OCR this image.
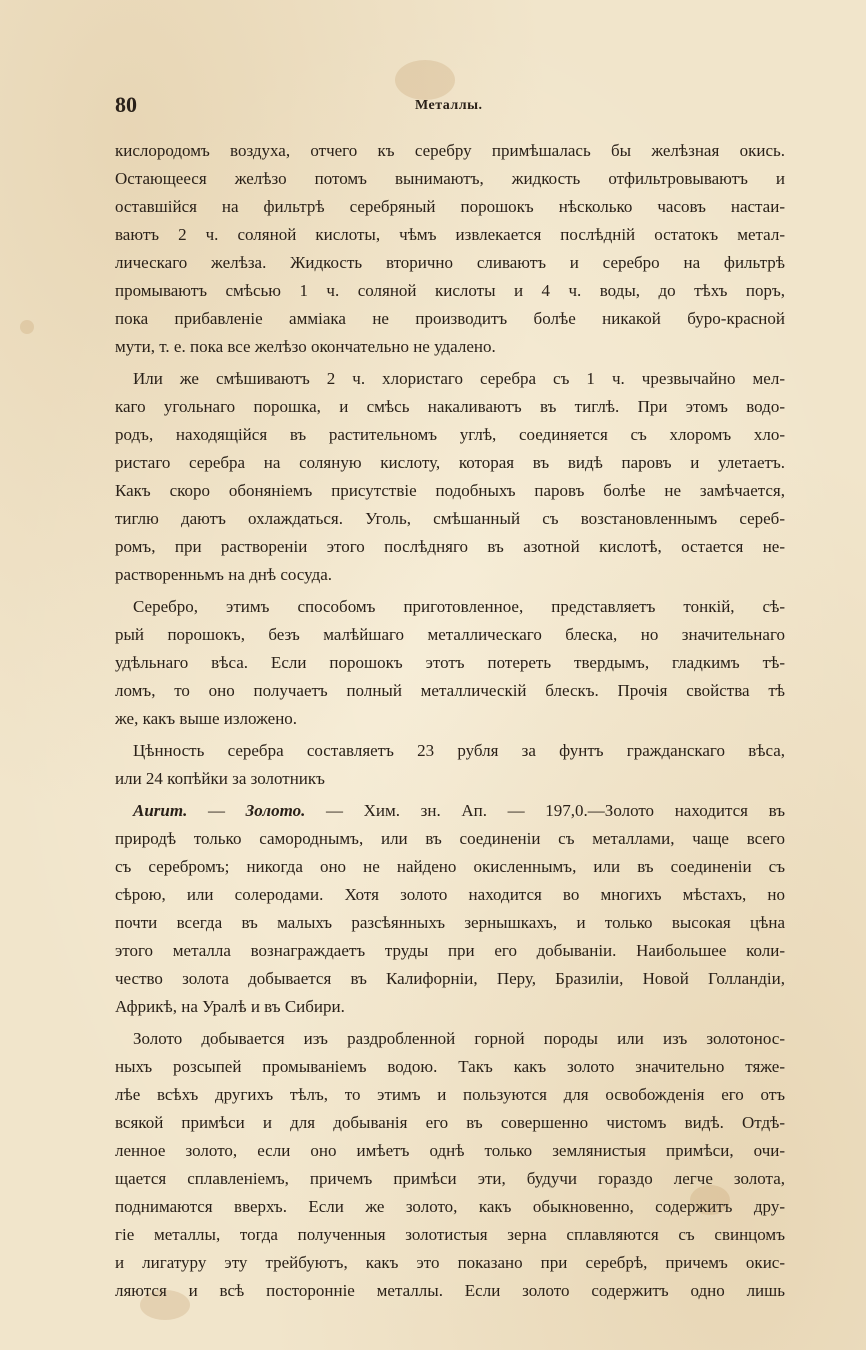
80	Металлы.
кислородомъ воздуха, отчего къ серебру примѣшалась бы желѣзная окись.
Остающееся желѣзо потомъ вынимаютъ, жидкость отфильтровываютъ и
оставшійся на фильтрѣ серебряный порошокъ нѣсколько часовъ настаи-
ваютъ 2 ч. соляной кислоты, чѣмъ извлекается послѣдній остатокъ метал-
лическаго желѣза. Жидкость вторично сливаютъ и серебро на фильтрѣ
промываютъ смѣсью 1 ч. соляной кислоты и 4 ч. воды, до тѣхъ поръ,
пока прибавленіе амміака не производитъ болѣе никакой буро-красной
мути, т. е. пока все желѣзо окончательно не удалено.
Или же смѣшиваютъ 2 ч. хлористаго серебра съ 1 ч. чрезвычайно мел-
каго угольнаго порошка, и смѣсь накаливаютъ въ тиглѣ. При этомъ водо-
родъ, находящійся въ растительномъ углѣ, соединяется съ хлоромъ хло-
ристаго серебра на соляную кислоту, которая въ видѣ паровъ и улетаетъ.
Какъ скоро обоняніемъ присутствіе подобныхъ паровъ болѣе не замѣчается,
тиглю даютъ охлаждаться. Уголь, смѣшанный съ возстановленнымъ сереб-
ромъ, при раствореніи этого послѣдняго въ азотной кислотѣ, остается не-
растворенньмъ на днѣ сосуда.
Серебро, этимъ способомъ приготовленное, представляетъ тонкій, сѣ-
рый порошокъ, безъ малѣйшаго металлическаго блеска, но значительнаго
удѣльнаго вѣса. Если порошокъ этотъ потереть твердымъ, гладкимъ тѣ-
ломъ, то оно получаетъ полный металлическій блескъ. Прочія свойства тѣ
же, какъ выше изложено.
Цѣнность серебра составляетъ 23 рубля за фунтъ гражданскаго вѣса,
или 24 копѣйки за золотникъ
Aurum. — Золото. — Хим. зн. Ап. — 197,0.—Золото находится въ
природѣ только самороднымъ, или въ соединеніи съ металлами, чаще всего
съ серебромъ; никогда оно не найдено окисленнымъ, или въ соединеніи съ
сѣрою, или солеродами. Хотя золото находится во многихъ мѣстахъ, но
почти всегда въ малыхъ разсѣянныхъ зернышкахъ, и только высокая цѣна
этого металла вознаграждаетъ труды при его добываніи. Наибольшее коли-
чество золота добывается въ Калифорніи, Перу, Бразиліи, Новой Голландіи,
Африкѣ, на Уралѣ и въ Сибири.
Золото добывается изъ раздробленной горной породы или изъ золотонос-
ныхъ розсыпей промываніемъ водою. Такъ какъ золото значительно тяже-
лѣе всѣхъ другихъ тѣлъ, то этимъ и пользуются для освобожденія его отъ
всякой примѣси и для добыванія его въ совершенно чистомъ видѣ. Отдѣ-
ленное золото, если оно имѣетъ однѣ только землянистыя примѣси, очи-
щается сплавленіемъ, причемъ примѣси эти, будучи гораздо легче золота,
поднимаются вверхъ. Если же золото, какъ обыкновенно, содержитъ дру-
гіе металлы, тогда полученныя золотистыя зерна сплавляются съ свинцомъ
и лигатуру эту трейбуютъ, какъ это показано при серебрѣ, причемъ окис-
ляются и всѣ посторонніе металлы. Если золото содержитъ одно лишь
